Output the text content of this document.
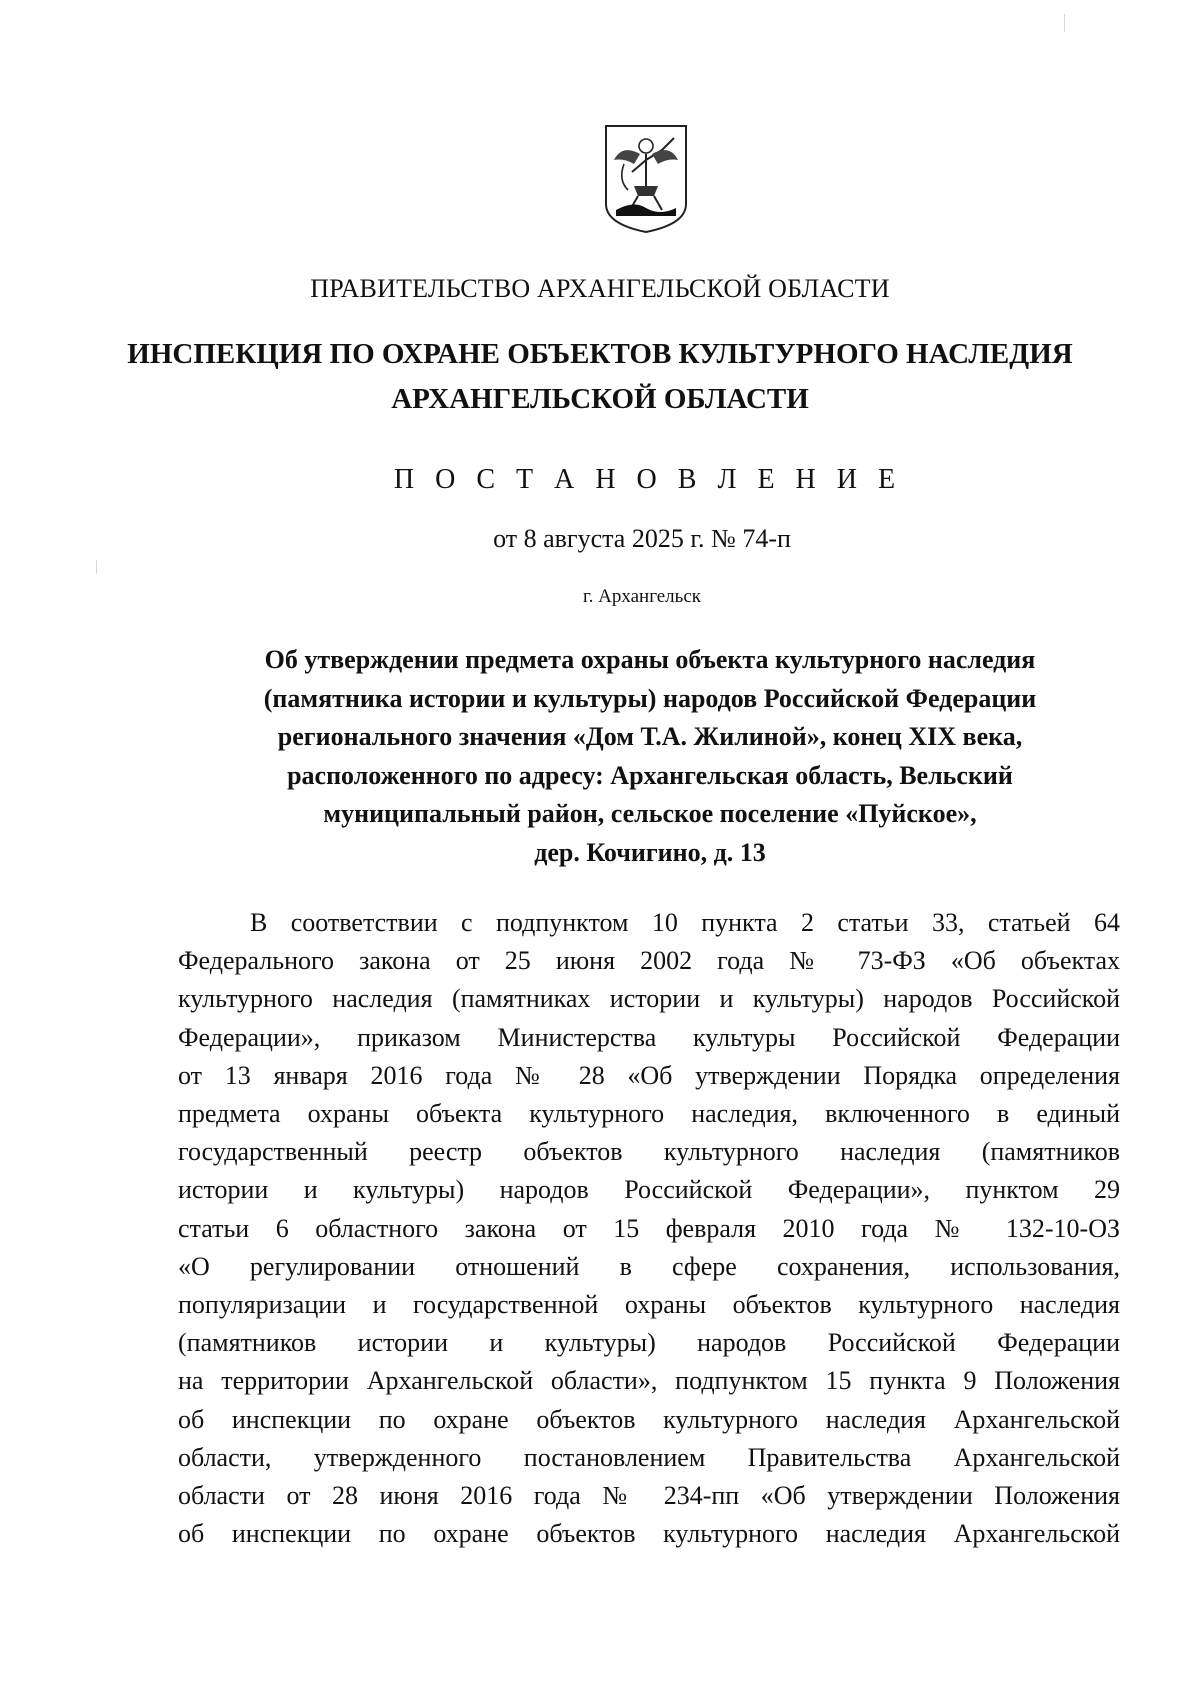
ПРАВИТЕЛЬСТВО АРХАНГЕЛЬСКОЙ ОБЛАСТИ
ИНСПЕКЦИЯ ПО ОХРАНЕ ОБЪЕКТОВ КУЛЬТУРНОГО НАСЛЕДИЯ
АРХАНГЕЛЬСКОЙ ОБЛАСТИ
П О С Т А Н О В Л Е Н И Е
от 8 августа 2025 г. № 74-п
г. Архангельск
Об утверждении предмета охраны объекта культурного наследия
(памятника истории и культуры) народов Российской Федерации
регионального значения «Дом Т.А. Жилиной», конец XIX века,
расположенного по адресу: Архангельская область, Вельский
муниципальный район, сельское поселение «Пуйское»,
дер. Кочигино, д. 13
В соответствии с подпунктом 10 пункта 2 статьи 33, статьей 64
Федерального закона от 25 июня 2002 года № 73-ФЗ «Об объектах
культурного наследия (памятниках истории и культуры) народов Российской
Федерации», приказом Министерства культуры Российской Федерации
от 13 января 2016 года № 28 «Об утверждении Порядка определения
предмета охраны объекта культурного наследия, включенного в единый
государственный реестр объектов культурного наследия (памятников
истории и культуры) народов Российской Федерации», пунктом 29
статьи 6 областного закона от 15 февраля 2010 года № 132-10-ОЗ
«О регулировании отношений в сфере сохранения, использования,
популяризации и государственной охраны объектов культурного наследия
(памятников истории и культуры) народов Российской Федерации
на территории Архангельской области», подпунктом 15 пункта 9 Положения
об инспекции по охране объектов культурного наследия Архангельской
области, утвержденного постановлением Правительства Архангельской
области от 28 июня 2016 года № 234-пп «Об утверждении Положения
об инспекции по охране объектов культурного наследия Архангельской
